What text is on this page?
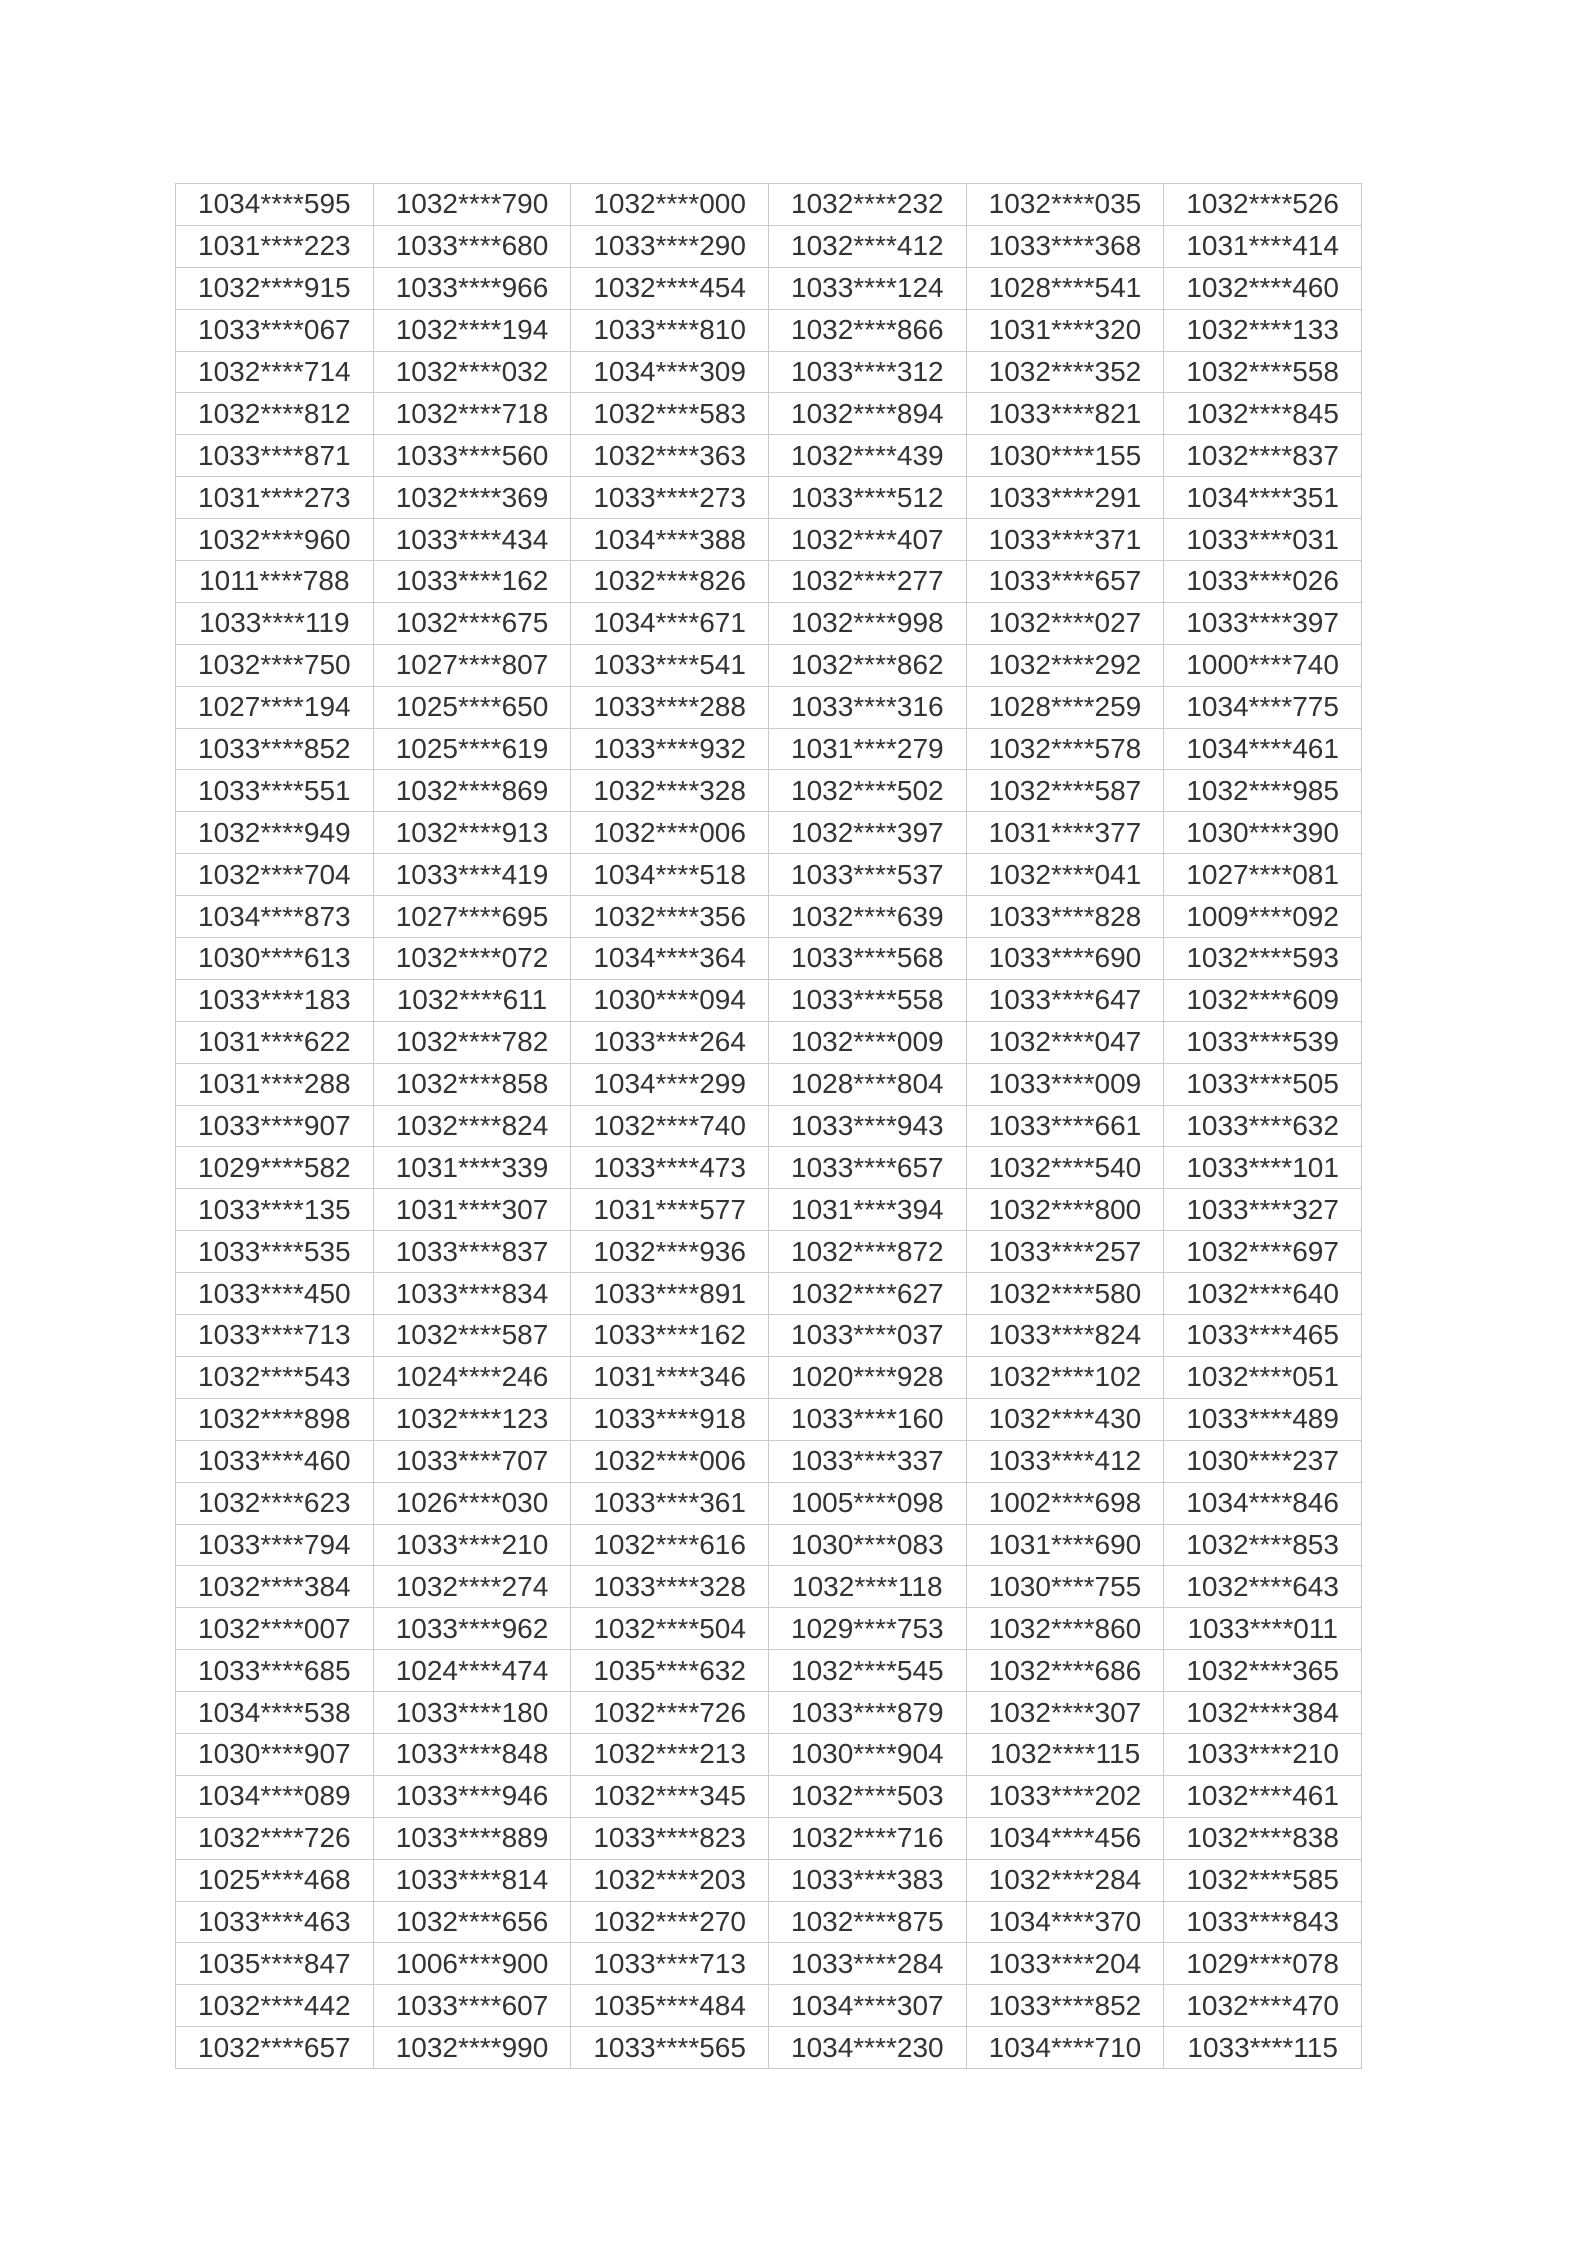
1034****595	1032****790	1032****000	1032****232	1032****035	1032****526
1031****223	1033****680	1033****290	1032****412	1033****368	1031****414
1032****915	1033****966	1032****454	1033****124	1028****541	1032****460
1033****067	1032****194	1033****810	1032****866	1031****320	1032****133
1032****714	1032****032	1034****309	1033****312	1032****352	1032****558
1032****812	1032****718	1032****583	1032****894	1033****821	1032****845
1033****871	1033****560	1032****363	1032****439	1030****155	1032****837
1031****273	1032****369	1033****273	1033****512	1033****291	1034****351
1032****960	1033****434	1034****388	1032****407	1033****371	1033****031
1011****788	1033****162	1032****826	1032****277	1033****657	1033****026
1033****119	1032****675	1034****671	1032****998	1032****027	1033****397
1032****750	1027****807	1033****541	1032****862	1032****292	1000****740
1027****194	1025****650	1033****288	1033****316	1028****259	1034****775
1033****852	1025****619	1033****932	1031****279	1032****578	1034****461
1033****551	1032****869	1032****328	1032****502	1032****587	1032****985
1032****949	1032****913	1032****006	1032****397	1031****377	1030****390
1032****704	1033****419	1034****518	1033****537	1032****041	1027****081
1034****873	1027****695	1032****356	1032****639	1033****828	1009****092
1030****613	1032****072	1034****364	1033****568	1033****690	1032****593
1033****183	1032****611	1030****094	1033****558	1033****647	1032****609
1031****622	1032****782	1033****264	1032****009	1032****047	1033****539
1031****288	1032****858	1034****299	1028****804	1033****009	1033****505
1033****907	1032****824	1032****740	1033****943	1033****661	1033****632
1029****582	1031****339	1033****473	1033****657	1032****540	1033****101
1033****135	1031****307	1031****577	1031****394	1032****800	1033****327
1033****535	1033****837	1032****936	1032****872	1033****257	1032****697
1033****450	1033****834	1033****891	1032****627	1032****580	1032****640
1033****713	1032****587	1033****162	1033****037	1033****824	1033****465
1032****543	1024****246	1031****346	1020****928	1032****102	1032****051
1032****898	1032****123	1033****918	1033****160	1032****430	1033****489
1033****460	1033****707	1032****006	1033****337	1033****412	1030****237
1032****623	1026****030	1033****361	1005****098	1002****698	1034****846
1033****794	1033****210	1032****616	1030****083	1031****690	1032****853
1032****384	1032****274	1033****328	1032****118	1030****755	1032****643
1032****007	1033****962	1032****504	1029****753	1032****860	1033****011
1033****685	1024****474	1035****632	1032****545	1032****686	1032****365
1034****538	1033****180	1032****726	1033****879	1032****307	1032****384
1030****907	1033****848	1032****213	1030****904	1032****115	1033****210
1034****089	1033****946	1032****345	1032****503	1033****202	1032****461
1032****726	1033****889	1033****823	1032****716	1034****456	1032****838
1025****468	1033****814	1032****203	1033****383	1032****284	1032****585
1033****463	1032****656	1032****270	1032****875	1034****370	1033****843
1035****847	1006****900	1033****713	1033****284	1033****204	1029****078
1032****442	1033****607	1035****484	1034****307	1033****852	1032****470
1032****657	1032****990	1033****565	1034****230	1034****710	1033****115
